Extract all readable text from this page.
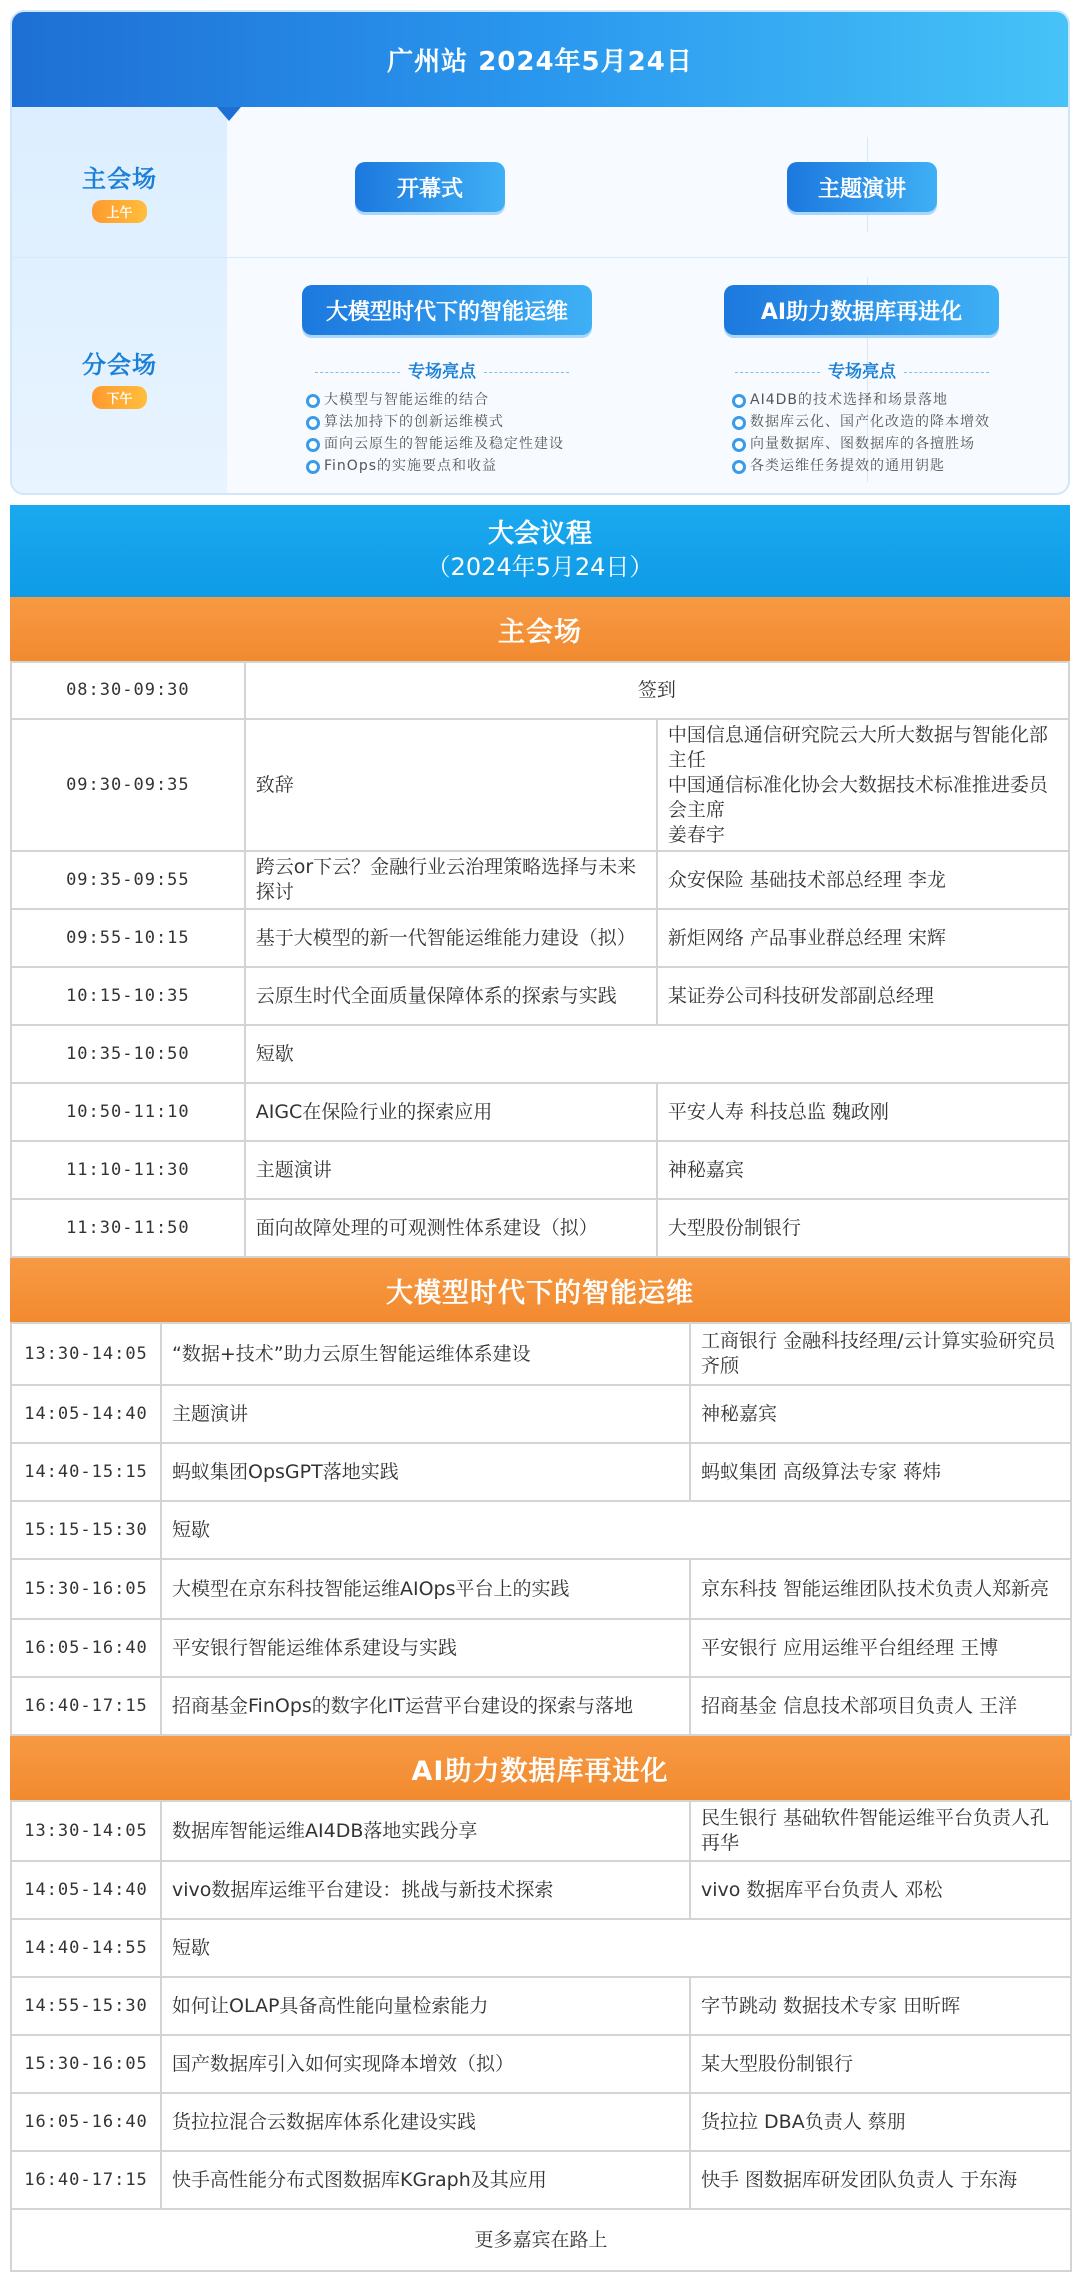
广州站 2024年5月24日
主会场
上午
开幕式	主题演讲
分会场
下午
大模型时代下的智能运维
专场亮点
大模型与智能运维的结合
算法加持下的创新运维模式
面向云原生的智能运维及稳定性建设
FinOps的实施要点和收益
AI助力数据库再进化
专场亮点
AI4DB的技术选择和场景落地
数据库云化、国产化改造的降本增效
向量数据库、图数据库的各擅胜场
各类运维任务提效的通用钥匙
大会议程
（2024年5月24日）
主会场
08:30-09:30	签到	
09:30-09:35	致辞	中国信息通信研究院云大所大数据与智能化部主任
中国通信标准化协会大数据技术标准推进委员会主席
姜春宇

09:35-09:55	跨云or下云？金融行业云治理策略选择与未来探讨	众安保险 基础技术部总经理 李龙
09:55-10:15	基于大模型的新一代智能运维能力建设（拟）	新炬网络 产品事业群总经理 宋辉
10:15-10:35	云原生时代全面质量保障体系的探索与实践	某证券公司科技研发部副总经理
10:35-10:50	短歇	
10:50-11:10	AIGC在保险行业的探索应用	平安人寿 科技总监 魏政刚
11:10-11:30	主题演讲	神秘嘉宾
11:30-11:50	面向故障处理的可观测性体系建设（拟）	大型股份制银行
大模型时代下的智能运维
13:30-14:05	“数据+技术”助力云原生智能运维体系建设	工商银行 金融科技经理/云计算实验研究员 齐颀
14:05-14:40	主题演讲	神秘嘉宾
14:40-15:15	蚂蚁集团OpsGPT落地实践	蚂蚁集团 高级算法专家 蒋炜
15:15-15:30	短歇	
15:30-16:05	大模型在京东科技智能运维AIOps平台上的实践	京东科技 智能运维团队技术负责人郑新亮
16:05-16:40	平安银行智能运维体系建设与实践	平安银行 应用运维平台组经理 王博
16:40-17:15	招商基金FinOps的数字化IT运营平台建设的探索与落地	招商基金 信息技术部项目负责人 王洋
AI助力数据库再进化
13:30-14:05	数据库智能运维AI4DB落地实践分享	民生银行 基础软件智能运维平台负责人孔再华
14:05-14:40	vivo数据库运维平台建设：挑战与新技术探索	vivo 数据库平台负责人 邓松
14:40-14:55	短歇	
14:55-15:30	如何让OLAP具备高性能向量检索能力	字节跳动 数据技术专家 田昕晖
15:30-16:05	国产数据库引入如何实现降本增效（拟）	某大型股份制银行
16:05-16:40	货拉拉混合云数据库体系化建设实践	货拉拉 DBA负责人 蔡朋
16:40-17:15	快手高性能分布式图数据库KGraph及其应用	快手 图数据库研发团队负责人 于东海
更多嘉宾在路上		
